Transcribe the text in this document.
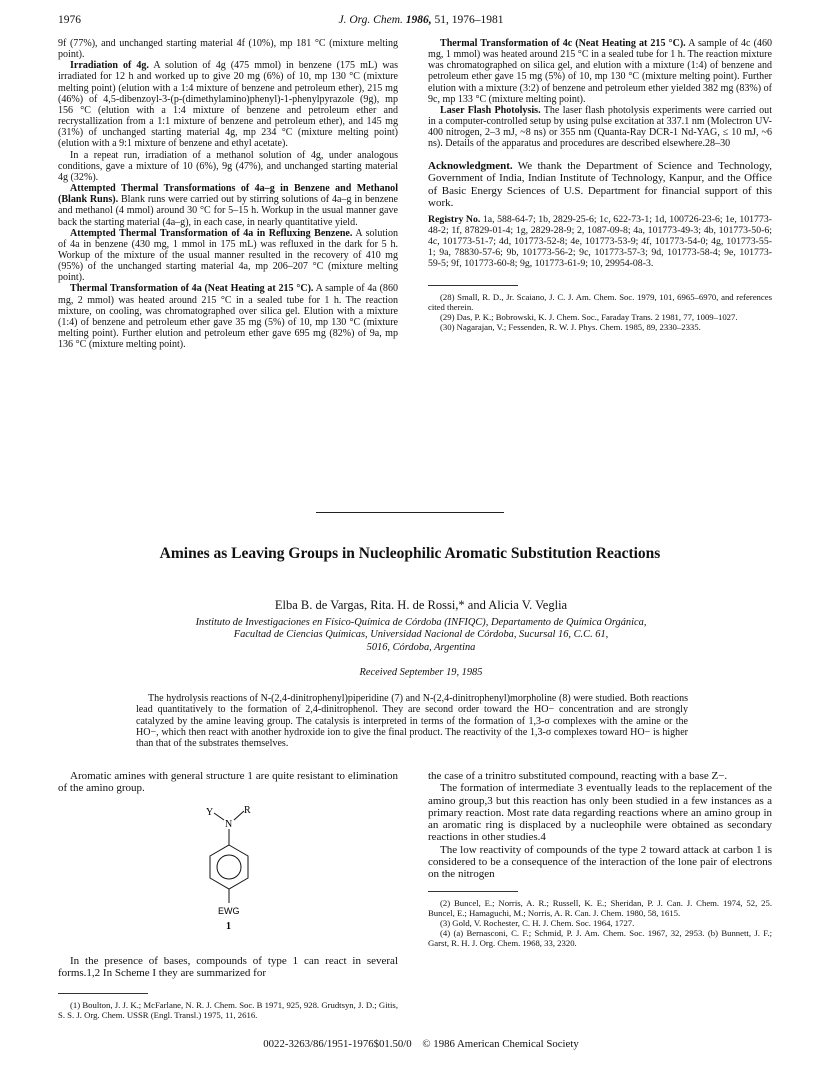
1976	J. Org. Chem. 1986, 51, 1976–1981

9f (77%), and unchanged starting material 4f (10%), mp 181 °C (mixture melting point).

Irradiation of 4g. A solution of 4g (475 mmol) in benzene (175 mL) was irradiated for 12 h and worked up to give 20 mg (6%) of 10, mp 130 °C (mixture melting point) (elution with a 1:4 mixture of benzene and petroleum ether), 215 mg (46%) of 4,5-dibenzoyl-3-(p-(dimethylamino)phenyl)-1-phenylpyrazole (9g), mp 156 °C (elution with a 1:4 mixture of benzene and petroleum ether and recrystallization from a 1:1 mixture of benzene and petroleum ether), and 145 mg (31%) of unchanged starting material 4g, mp 234 °C (mixture melting point) (elution with a 9:1 mixture of benzene and ethyl acetate).

In a repeat run, irradiation of a methanol solution of 4g, under analogous conditions, gave a mixture of 10 (6%), 9g (47%), and unchanged starting material 4g (32%).

Attempted Thermal Transformations of 4a–g in Benzene and Methanol (Blank Runs). Blank runs were carried out by stirring solutions of 4a–g in benzene and methanol (4 mmol) around 30 °C for 5–15 h. Workup in the usual manner gave back the starting material (4a–g), in each case, in nearly quantitative yield.

Attempted Thermal Transformation of 4a in Refluxing Benzene. A solution of 4a in benzene (430 mg, 1 mmol in 175 mL) was refluxed in the dark for 5 h. Workup of the mixture of the usual manner resulted in the recovery of 410 mg (95%) of the unchanged starting material 4a, mp 206–207 °C (mixture melting point).

Thermal Transformation of 4a (Neat Heating at 215 °C). A sample of 4a (860 mg, 2 mmol) was heated around 215 °C in a sealed tube for 1 h. The reaction mixture, on cooling, was chromatographed over silica gel. Elution with a mixture (1:4) of benzene and petroleum ether gave 35 mg (5%) of 10, mp 130 °C (mixture melting point). Further elution and petroleum ether gave 695 mg (82%) of 9a, mp 136 °C (mixture melting point).

Thermal Transformation of 4c (Neat Heating at 215 °C). A sample of 4c (460 mg, 1 mmol) was heated around 215 °C in a sealed tube for 1 h. The reaction mixture was chromatographed on silica gel, and elution with a mixture (1:4) of benzene and petroleum ether gave 15 mg (5%) of 10, mp 130 °C (mixture melting point). Further elution with a mixture (3:2) of benzene and petroleum ether yielded 382 mg (83%) of 9c, mp 133 °C (mixture melting point).

Laser Flash Photolysis. The laser flash photolysis experiments were carried out in a computer-controlled setup by using pulse excitation at 337.1 nm (Molectron UV-400 nitrogen, 2–3 mJ, ~8 ns) or 355 nm (Quanta-Ray DCR-1 Nd-YAG, ≤ 10 mJ, ~6 ns). Details of the apparatus and procedures are described elsewhere.28–30

Acknowledgment. We thank the Department of Science and Technology, Government of India, Indian Institute of Technology, Kanpur, and the Office of Basic Energy Sciences of U.S. Department for financial support of this work.

Registry No. 1a, 588-64-7; 1b, 2829-25-6; 1c, 622-73-1; 1d, 100726-23-6; 1e, 101773-48-2; 1f, 87829-01-4; 1g, 2829-28-9; 2, 1087-09-8; 4a, 101773-49-3; 4b, 101773-50-6; 4c, 101773-51-7; 4d, 101773-52-8; 4e, 101773-53-9; 4f, 101773-54-0; 4g, 101773-55-1; 9a, 78830-57-6; 9b, 101773-56-2; 9c, 101773-57-3; 9d, 101773-58-4; 9e, 101773-59-5; 9f, 101773-60-8; 9g, 101773-61-9; 10, 29954-08-3.

(28) Small, R. D., Jr. Scaiano, J. C. J. Am. Chem. Soc. 1979, 101, 6965–6970, and references cited therein.

(29) Das, P. K.; Bobrowski, K. J. Chem. Soc., Faraday Trans. 2 1981, 77, 1009–1027.

(30) Nagarajan, V.; Fessenden, R. W. J. Phys. Chem. 1985, 89, 2330–2335.

Amines as Leaving Groups in Nucleophilic Aromatic Substitution Reactions
Elba B. de Vargas, Rita. H. de Rossi,* and Alicia V. Veglia
Instituto de Investigaciones en Físico-Química de Córdoba (INFIQC), Departamento de Química Orgánica,
Facultad de Ciencias Químicas, Universidad Nacional de Córdoba, Sucursal 16, C.C. 61,
5016, Córdoba, Argentina
Received September 19, 1985
The hydrolysis reactions of N-(2,4-dinitrophenyl)piperidine (7) and N-(2,4-dinitrophenyl)morpholine (8) were studied. Both reactions lead quantitatively to the formation of 2,4-dinitrophenol. They are second order toward the HO− concentration and are strongly catalyzed by the amine leaving group. The catalysis is interpreted in terms of the formation of 1,3-σ complexes with the amine or the HO−, which then react with another hydroxide ion to give the final product. The reactivity of the 1,3-σ complexes toward HO− is higher than that of the substrates themselves.

Aromatic amines with general structure 1 are quite resistant to elimination of the amino group.

Y
N
R
EWG
1

In the presence of bases, compounds of type 1 can react in several forms.1,2 In Scheme I they are summarized for

(1) Boulton, J. J. K.; McFarlane, N. R. J. Chem. Soc. B 1971, 925, 928. Grudtsyn, J. D.; Gitis, S. S. J. Org. Chem. USSR (Engl. Transl.) 1975, 11, 2616.

the case of a trinitro substituted compound, reacting with a base Z−.

The formation of intermediate 3 eventually leads to the replacement of the amino group,3 but this reaction has only been studied in a few instances as a primary reaction. Most rate data regarding reactions where an amino group in an aromatic ring is displaced by a nucleophile were obtained as secondary reactions in other studies.4

The low reactivity of compounds of the type 2 toward attack at carbon 1 is considered to be a consequence of the interaction of the lone pair of electrons on the nitrogen

(2) Buncel, E.; Norris, A. R.; Russell, K. E.; Sheridan, P. J. Can. J. Chem. 1974, 52, 25. Buncel, E.; Hamaguchi, M.; Norris, A. R. Can. J. Chem. 1980, 58, 1615.

(3) Gold, V. Rochester, C. H. J. Chem. Soc. 1964, 1727.

(4) (a) Bernasconi, C. F.; Schmid, P. J. Am. Chem. Soc. 1967, 32, 2953. (b) Bunnett, J. F.; Garst, R. H. J. Org. Chem. 1968, 33, 2320.

0022-3263/86/1951-1976$01.50/0 © 1986 American Chemical Society
